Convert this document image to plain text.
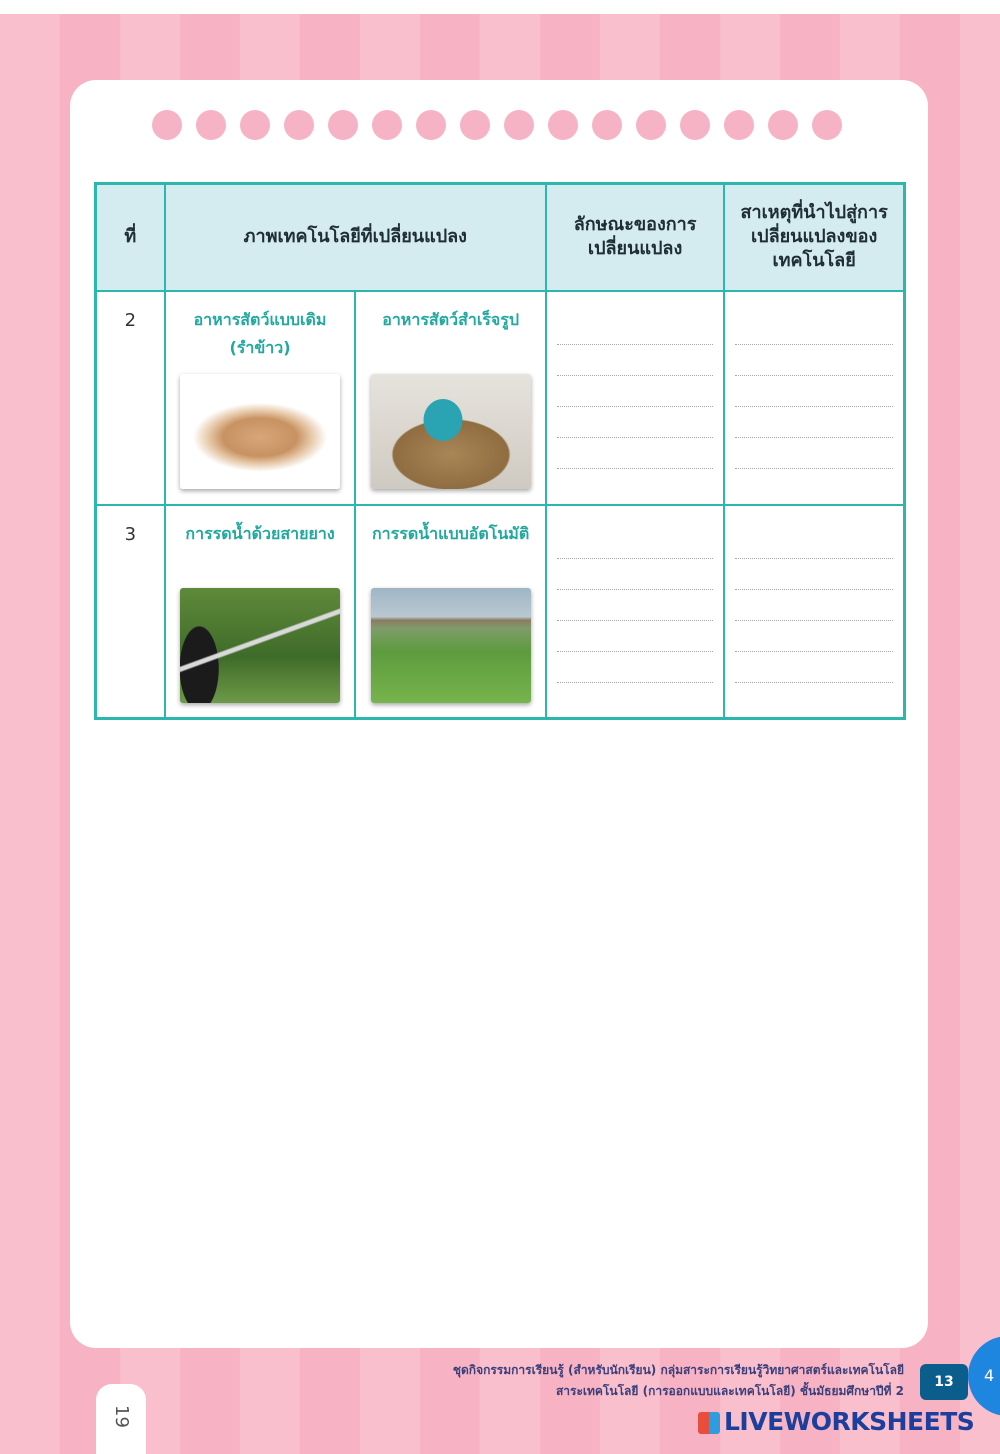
ที่	ภาพเทคโนโลยีที่เปลี่ยนแปลง		ลักษณะของการเปลี่ยนแปลง	สาเหตุที่นำไปสู่การเปลี่ยนแปลงของเทคโนโลยี
2	อาหารสัตว์แบบเดิม (รำข้าว)	อาหารสัตว์สำเร็จรูป		

3	การรดน้ำด้วยสายยาง	การรดน้ำแบบอัตโนมัติ		

ชุดกิจกรรมการเรียนรู้ (สำหรับนักเรียน) กลุ่มสาระการเรียนรู้วิทยาศาสตร์และเทคโนโลยี
สาระเทคโนโลยี (การออกแบบและเทคโนโลยี) ชั้นมัธยมศึกษาปีที่ 2
13	4
19	LIVEWORKSHEETS
